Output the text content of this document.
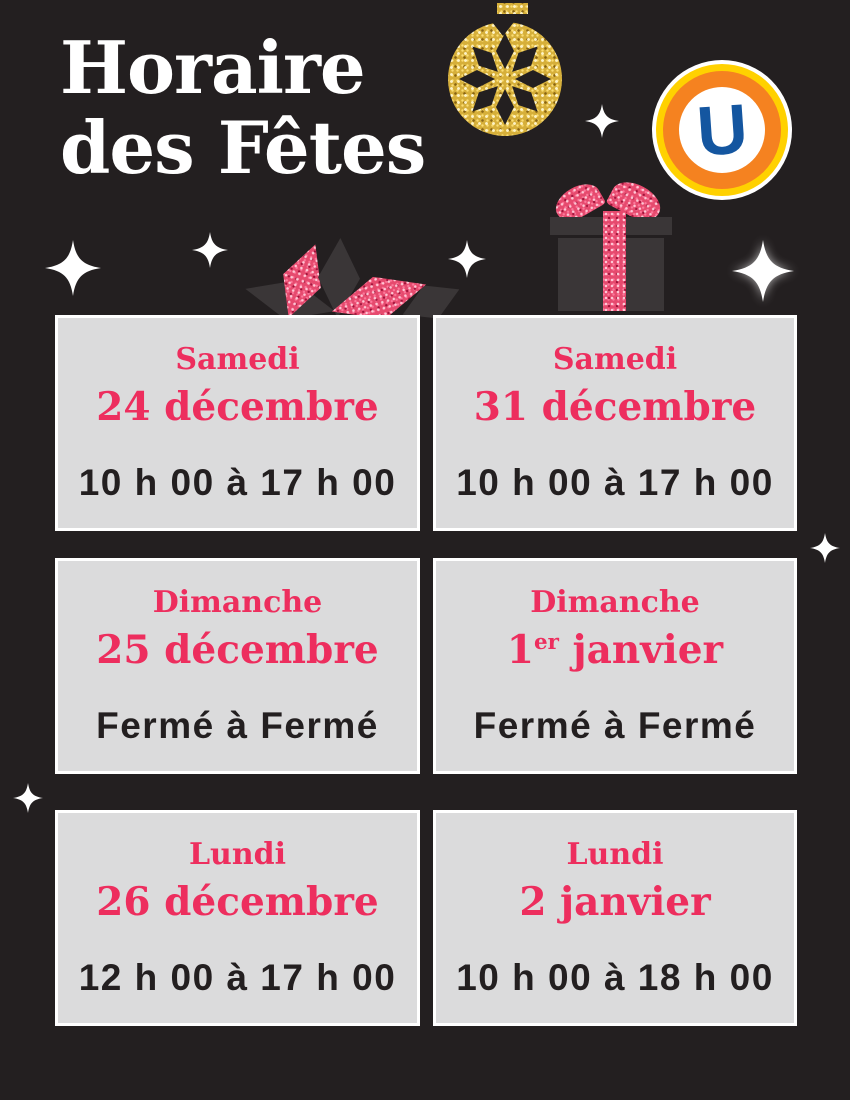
Horaire
des Fêtes	U
Samedi
24 décembre
10 h 00 à 17 h 00
Samedi
31 décembre
10 h 00 à 17 h 00
Dimanche
25 décembre
Fermé à Fermé
Dimanche
1er janvier
Fermé à Fermé
Lundi
26 décembre
12 h 00 à 17 h 00
Lundi
2 janvier
10 h 00 à 18 h 00
